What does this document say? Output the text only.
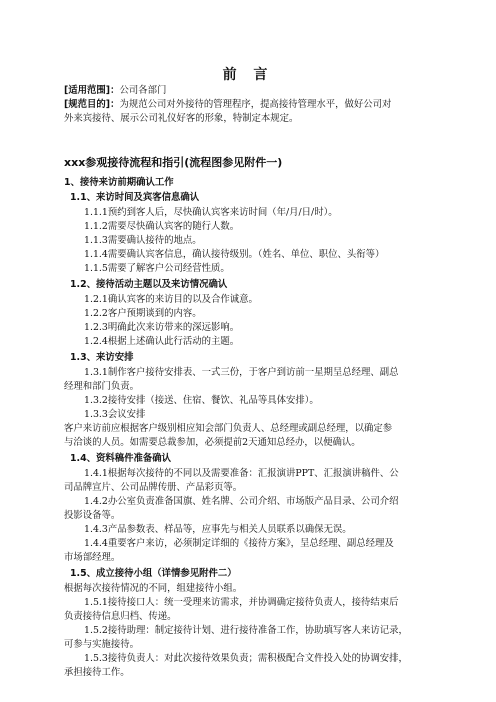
前 言
[适用范围]：公司各部门
[规范目的]：为规范公司对外接待的管理程序，提高接待管理水平，做好公司对
外来宾接待、展示公司礼仪好客的形象，特制定本规定。
xxx参观接待流程和指引(流程图参见附件一)
1、接待来访前期确认工作
1.1、来访时间及宾客信息确认
1.1.1预约到客人后，尽快确认宾客来访时间（年/月/日/时）。
1.1.2需要尽快确认宾客的随行人数。
1.1.3需要确认接待的地点。
1.1.4需要确认宾客信息，确认接待级别。（姓名、单位、职位、头衔等）
1.1.5需要了解客户公司经营性质。
1.2、接待活动主题以及来访情况确认
1.2.1确认宾客的来访目的以及合作诚意。
1.2.2客户预期谈到的内容。
1.2.3明确此次来访带来的深远影响。
1.2.4根据上述确认此行活动的主题。
1.3、来访安排
1.3.1制作客户接待安排表、一式三份，于客户到访前一星期呈总经理、副总
经理和部门负责。
1.3.2接待安排（接送、住宿、餐饮、礼品等具体安排）。
1.3.3会议安排
客户来访前应根据客户级别相应知会部门负责人、总经理或副总经理，以确定参
与洽谈的人员。如需要总裁参加，必须提前2天通知总经办，以便确认。
1.4、资料稿件准备确认
1.4.1根据每次接待的不同以及需要准备：汇报演讲PPT、汇报演讲稿件、公
司品牌宣片、公司品牌传册、产品彩页等。
1.4.2办公室负责准备国旗、姓名牌、公司介绍、市场版产品目录、公司介绍
投影设备等。
1.4.3产品参数表、样品等，应事先与相关人员联系以确保无误。
1.4.4重要客户来访，必须制定详细的《接待方案》，呈总经理、副总经理及
市场部经理。
1.5、成立接待小组（详情参见附件二）
根据每次接待情况的不同，组建接待小组。
1.5.1接待接口人：统一受理来访需求，并协调确定接待负责人，接待结束后
负责接待信息归档、传递。
1.5.2接待助理：制定接待计划、进行接待准备工作，协助填写客人来访记录，
可参与实施接待。
1.5.3接待负责人：对此次接待效果负责；需积极配合文件投入处的协调安排，
承担接待工作。
